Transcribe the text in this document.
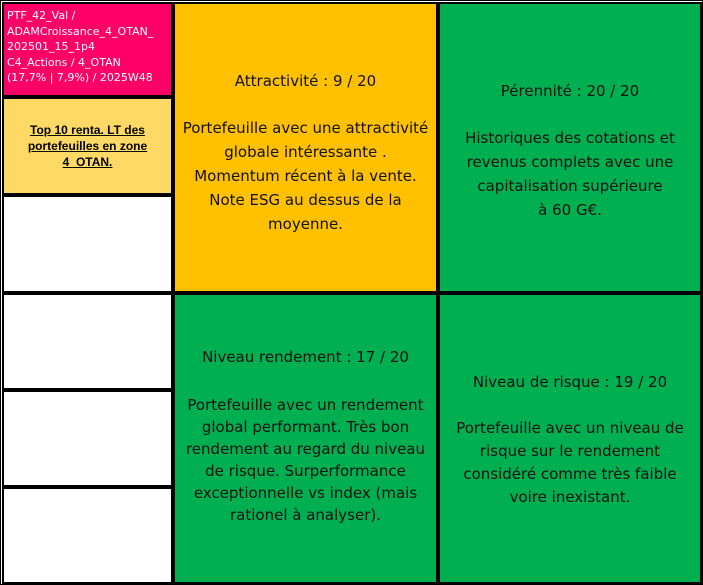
PTF_42_Val /
ADAMCroissance_4_OTAN_
202501_15_1p4
C4_Actions / 4_OTAN
(17,7% | 7,9%) / 2025W48
Top 10 renta. LT des portefeuilles en zone 4_OTAN.
Attractivité : 9 / 20
Portefeuille avec une attractivité
globale intéressante .
Momentum récent à la vente.
Note ESG au dessus de la
moyenne.
Pérennité : 20 / 20
Historiques des cotations et
revenus complets avec une
capitalisation supérieure
à 60 G€.
Niveau rendement : 17 / 20
Portefeuille avec un rendement
global performant. Très bon
rendement au regard du niveau
de risque. Surperformance
exceptionnelle vs index (mais
rationel à analyser).
Niveau de risque : 19 / 20
Portefeuille avec un niveau de
risque sur le rendement
considéré comme très faible
voire inexistant.
